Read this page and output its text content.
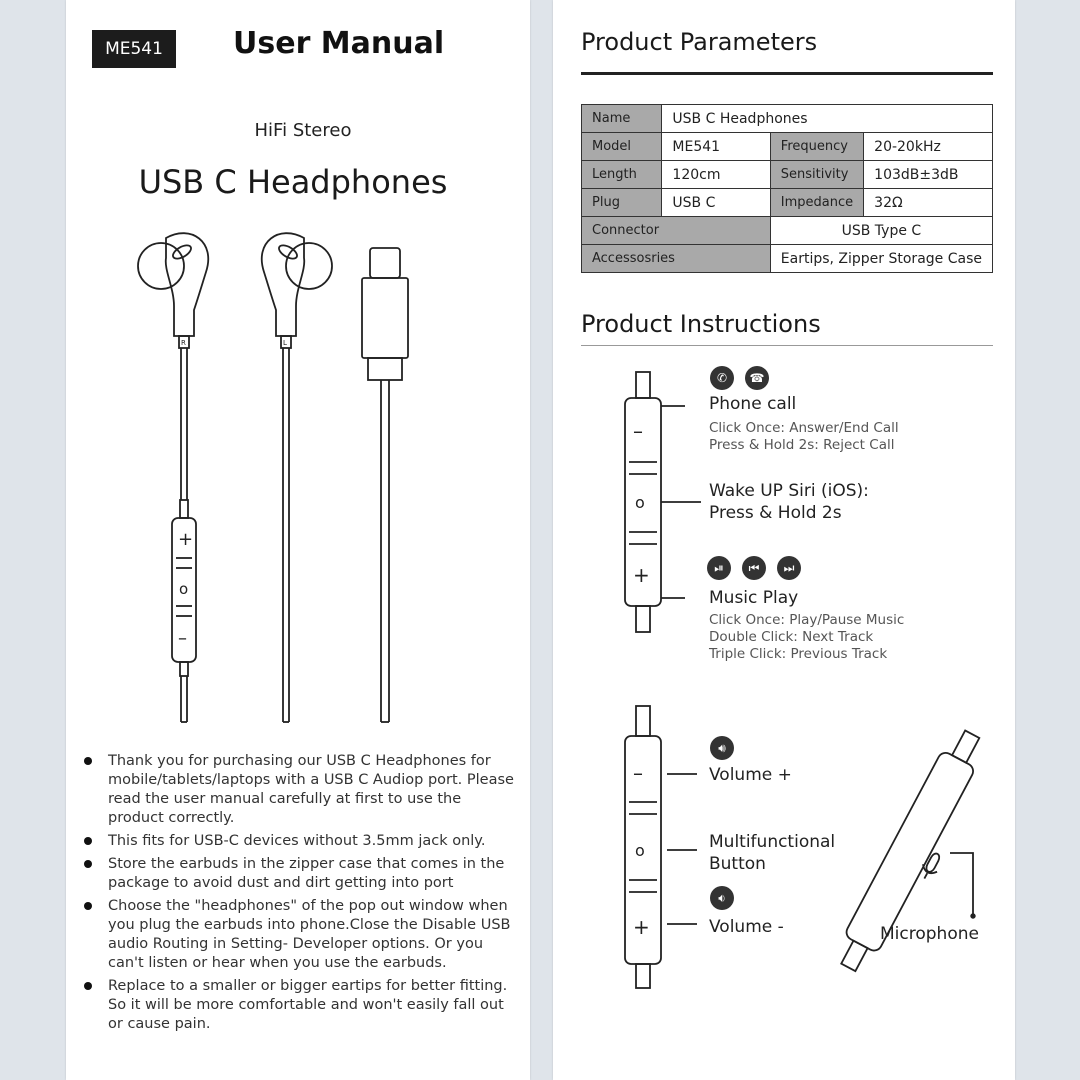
ME541	User Manual
HiFi Stereo
USB C Headphones
R	L
+
o
–
Thank you for purchasing our USB C Headphones for mobile/tablets/laptops with a USB C Audiop port. Please read the user manual carefully at first to use the product correctly.
This fits for USB-C devices without 3.5mm jack only.
Store the earbuds in the zipper case that comes in the package to avoid dust and dirt getting into port
Choose the "headphones" of the pop out window when you plug the earbuds into phone.Close the Disable USB audio Routing in Setting- Developer options. Or you can't listen or hear when you use the earbuds.
Replace to a smaller or bigger eartips for better fitting. So it will be more comfortable and won't easily fall out or cause pain.
Product Parameters
Name	USB C Headphones		
Model	ME541	Frequency	20-20kHz
Length	120cm	Sensitivity	103dB±3dB
Plug	USB C	Impedance	32Ω
Connector		USB Type C	
Accessosries		Eartips, Zipper Storage Case	
Product Instructions
–
o
+
✆	☎
Phone call
Click Once: Answer/End Call
Press & Hold 2s: Reject Call
Wake UP Siri (iOS):
Press & Hold 2s
⏯	⏮	⏭
Music Play
Click Once: Play/Pause Music
Double Click: Next Track
Triple Click: Previous Track
–
o
+
🔊︎
Volume +
Multifunctional
Button
🔉︎
Volume -	Microphone
